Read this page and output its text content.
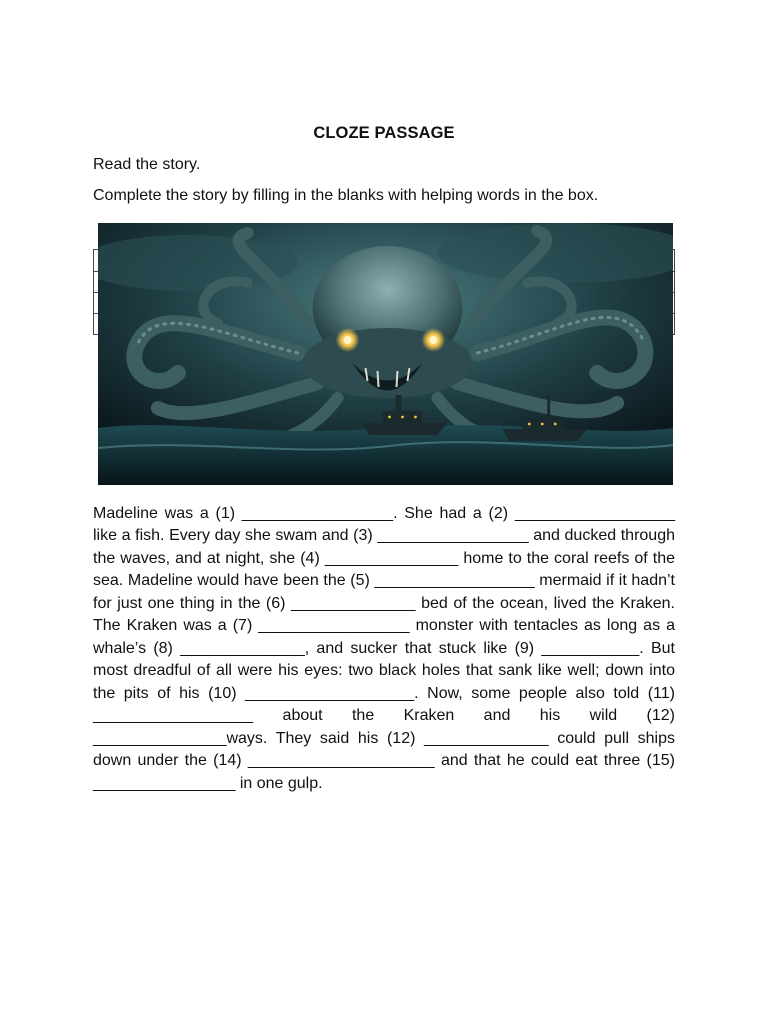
CLOZE PASSAGE
Read the story.
Complete the story by filling in the blanks with helping words in the box.

Madeline was a (1) _________________. She had a (2) __________________ like a fish. Every day she swam and (3) _________________ and ducked through the waves, and at night, she (4) _______________ home to the coral reefs of the sea. Madeline would have been the (5) __________________ mermaid if it hadn’t for just one thing in the (6) ______________ bed of the ocean, lived the Kraken. The Kraken was a (7) _________________ monster with tentacles as long as a whale’s (8) ______________, and sucker that stuck like (9) ___________. But most dreadful of all were his eyes: two black holes that sank like well; down into the pits of his (10) ___________________. Now, some people also told (11) __________________ about the Kraken and his wild (12) _______________ways. They said his (12) ______________ could pull ships down under the (14) _____________________ and that he could eat three (15) ________________ in one gulp.
